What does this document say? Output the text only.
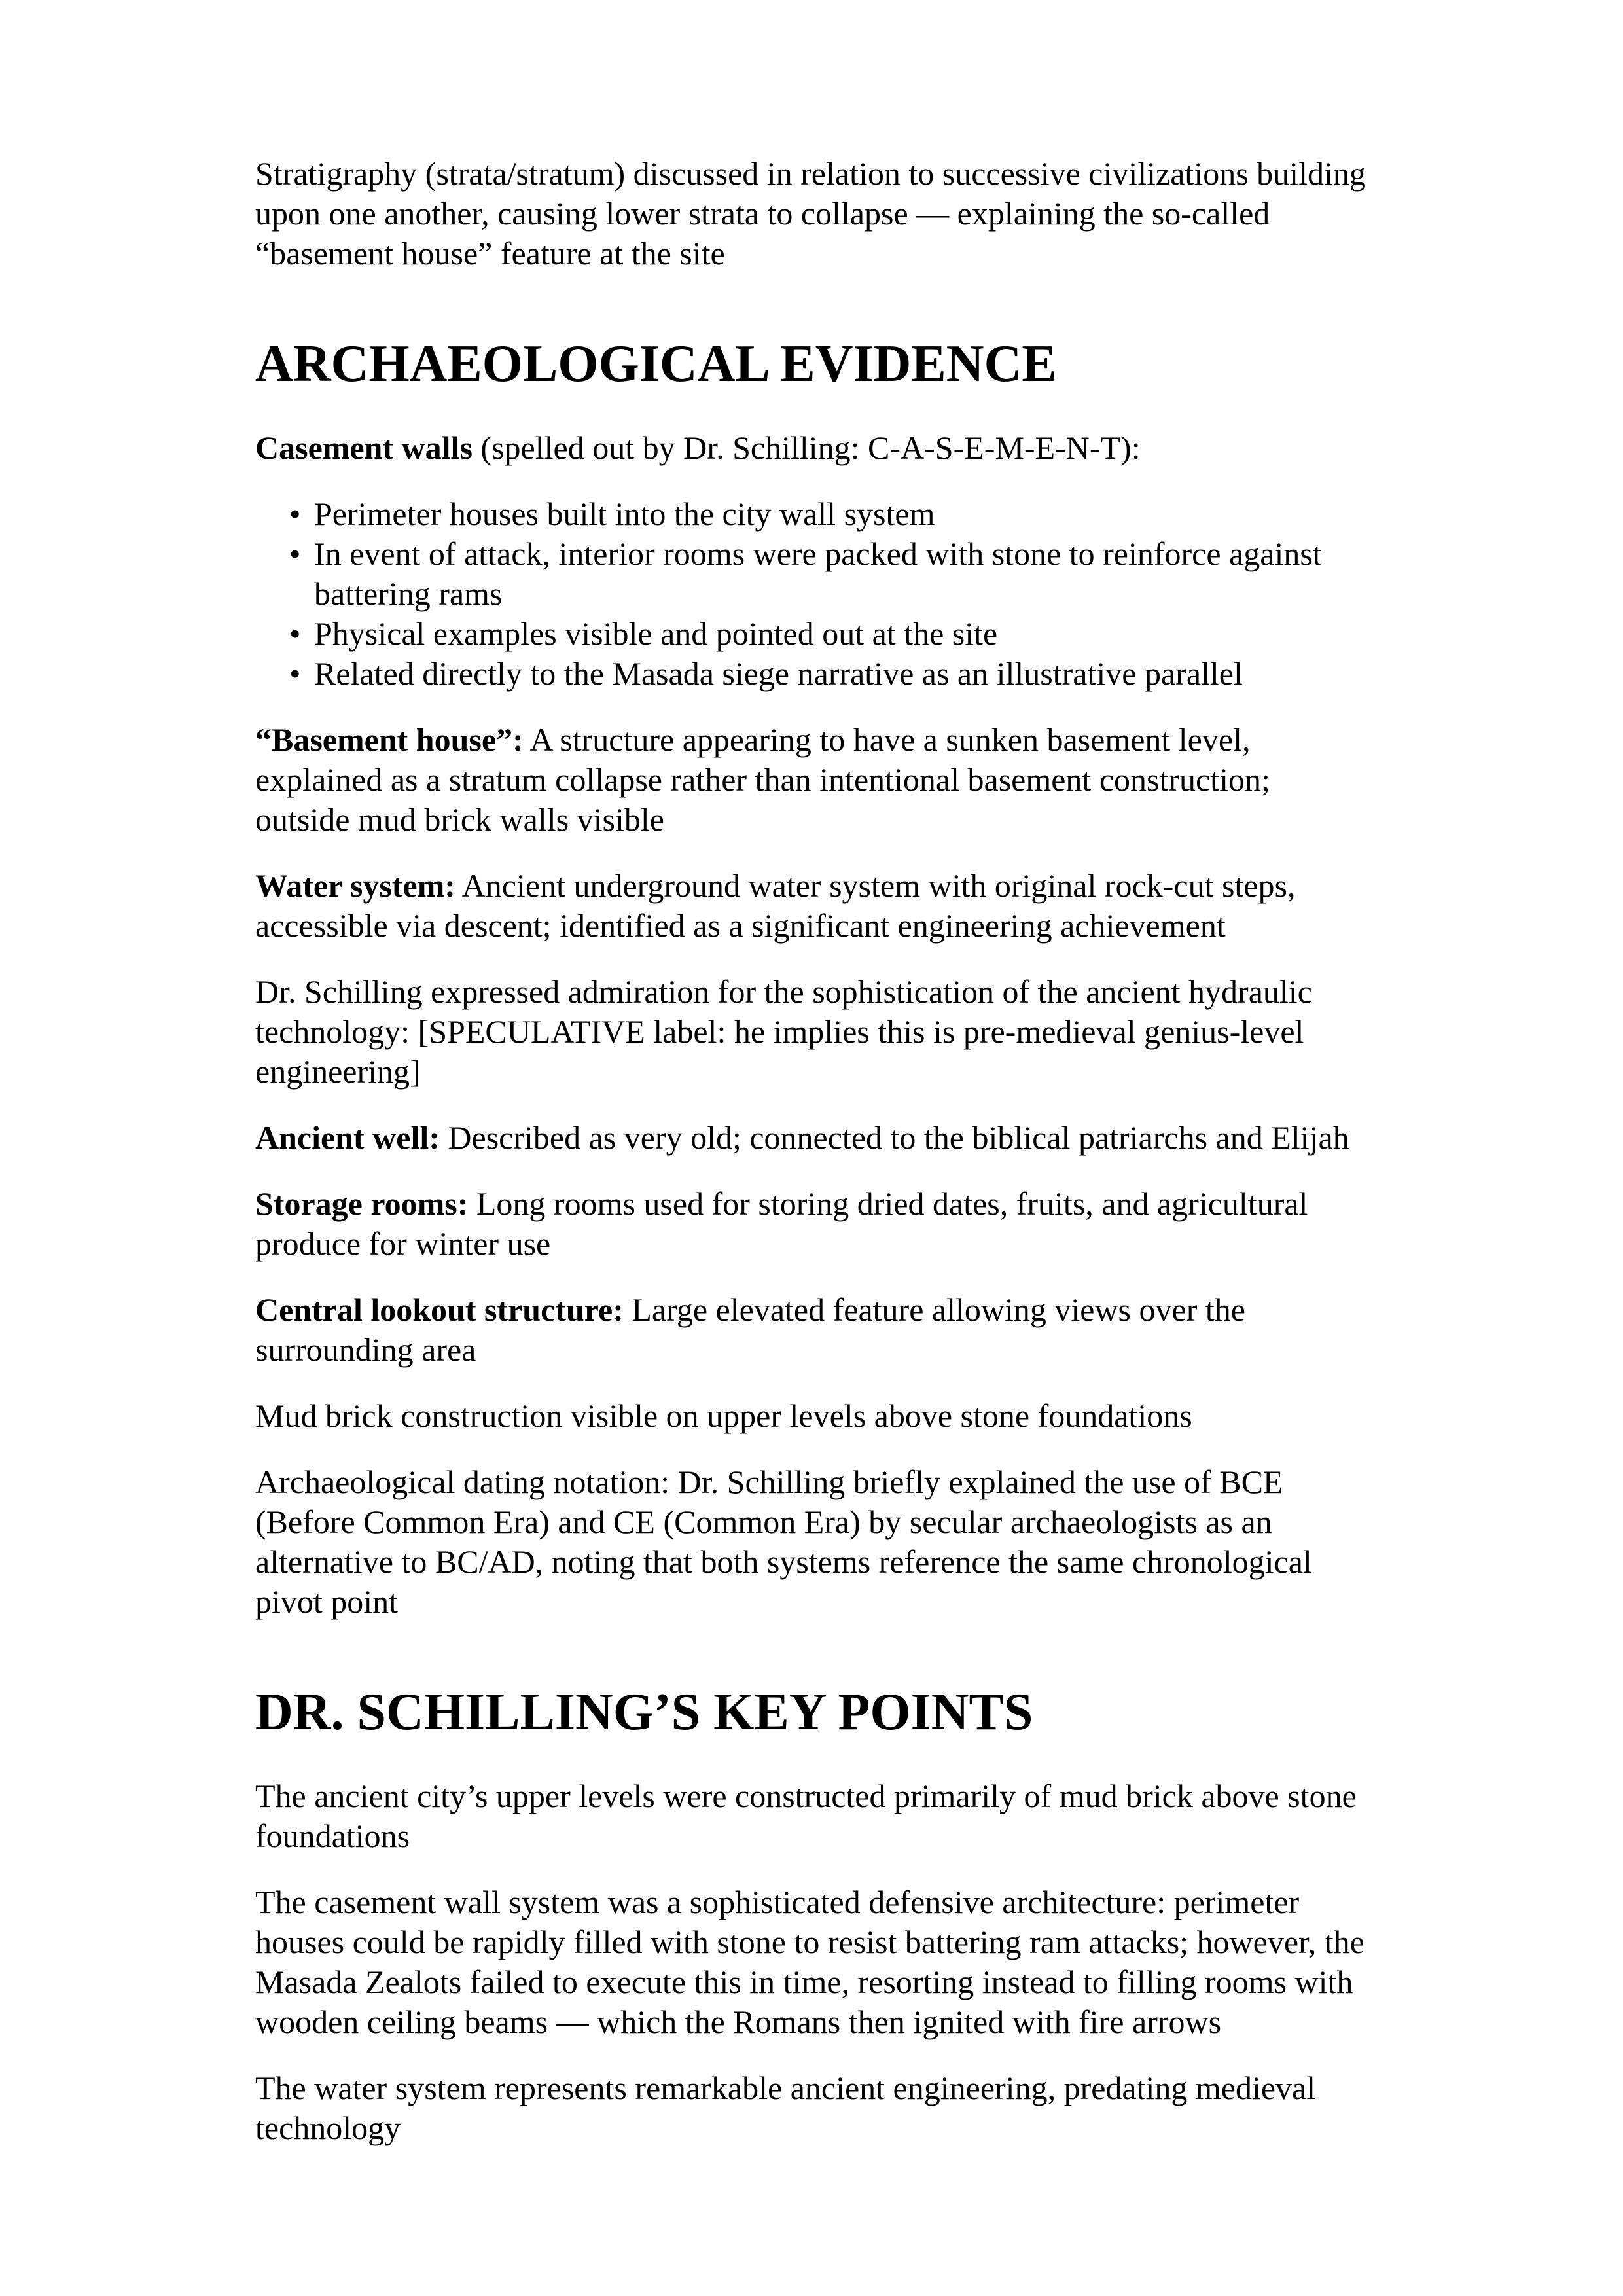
Stratigraphy (strata/stratum) discussed in relation to successive civilizations building
upon one another, causing lower strata to collapse — explaining the so-called
“basement house” feature at the site

ARCHAEOLOGICAL EVIDENCE

Casement walls (spelled out by Dr. Schilling: C-A-S-E-M-E-N-T):

• Perimeter houses built into the city wall system
• In event of attack, interior rooms were packed with stone to reinforce against
battering rams
• Physical examples visible and pointed out at the site
• Related directly to the Masada siege narrative as an illustrative parallel

“Basement house”: A structure appearing to have a sunken basement level,
explained as a stratum collapse rather than intentional basement construction;
outside mud brick walls visible

Water system: Ancient underground water system with original rock-cut steps,
accessible via descent; identified as a significant engineering achievement

Dr. Schilling expressed admiration for the sophistication of the ancient hydraulic
technology: [SPECULATIVE label: he implies this is pre-medieval genius-level
engineering]

Ancient well: Described as very old; connected to the biblical patriarchs and Elijah

Storage rooms: Long rooms used for storing dried dates, fruits, and agricultural
produce for winter use

Central lookout structure: Large elevated feature allowing views over the
surrounding area

Mud brick construction visible on upper levels above stone foundations

Archaeological dating notation: Dr. Schilling briefly explained the use of BCE
(Before Common Era) and CE (Common Era) by secular archaeologists as an
alternative to BC/AD, noting that both systems reference the same chronological
pivot point

DR. SCHILLING’S KEY POINTS

The ancient city’s upper levels were constructed primarily of mud brick above stone
foundations

The casement wall system was a sophisticated defensive architecture: perimeter
houses could be rapidly filled with stone to resist battering ram attacks; however, the
Masada Zealots failed to execute this in time, resorting instead to filling rooms with
wooden ceiling beams — which the Romans then ignited with fire arrows

The water system represents remarkable ancient engineering, predating medieval
technology
